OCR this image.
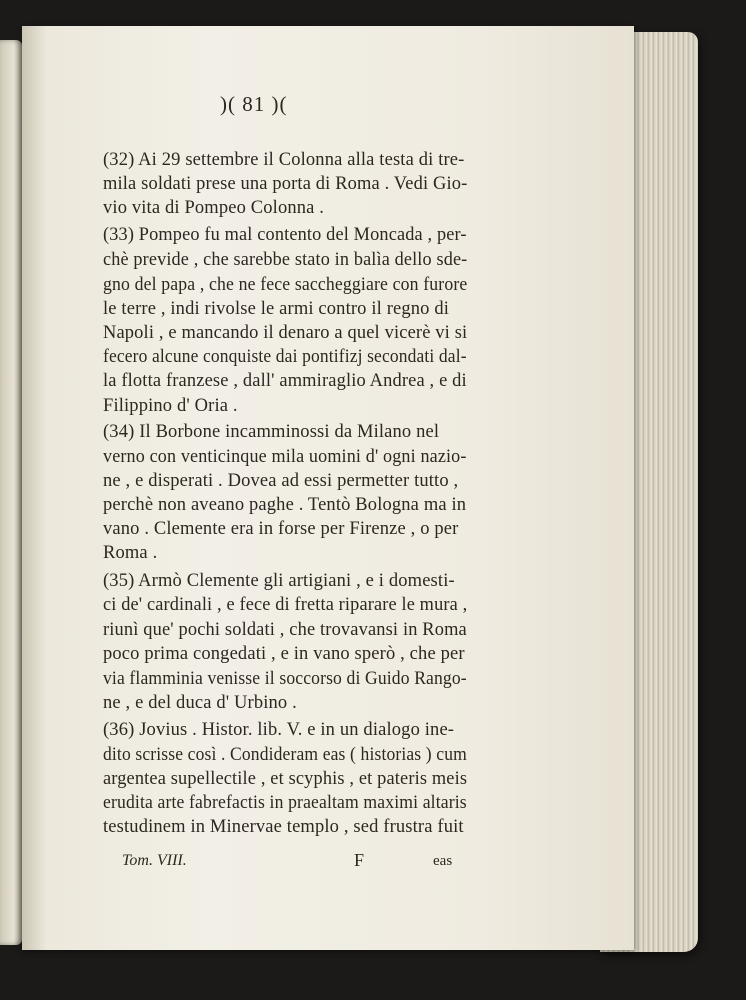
)( 81 )(
(32) Ai 29 settembre il Colonna alla testa di tre-
mila soldati prese una porta di Roma . Vedi Gio-
vio vita di Pompeo Colonna .
(33) Pompeo fu mal contento del Moncada , per-
chè previde , che sarebbe stato in balìa dello sde-
gno del papa , che ne fece saccheggiare con furore
le terre , indi rivolse le armi contro il regno di
Napoli , e mancando il denaro a quel vicerè vi si
fecero alcune conquiste dai pontifizj secondati dal-
la flotta franzese , dall' ammiraglio Andrea , e di
Filippino d' Oria .
(34) Il Borbone incamminossi da Milano nel
verno con venticinque mila uomini d' ogni nazio-
ne , e disperati . Dovea ad essi permetter tutto ,
perchè non aveano paghe . Tentò Bologna ma in
vano . Clemente era in forse per Firenze , o per
Roma .
(35) Armò Clemente gli artigiani , e i domesti-
ci de' cardinali , e fece di fretta riparare le mura ,
riunì que' pochi soldati , che trovavansi in Roma
poco prima congedati , e in vano sperò , che per
via flamminia venisse il soccorso di Guido Rango-
ne , e del duca d' Urbino .
(36) Jovius . Histor. lib. V. e in un dialogo ine-
dito scrisse così . Condideram eas ( historias ) cum
argentea supellectile , et scyphis , et pateris meis
erudita arte fabrefactis in praealtam maximi altaris
testudinem in Minervae templo , sed frustra fuit
Tom. VIII.	F	eas
